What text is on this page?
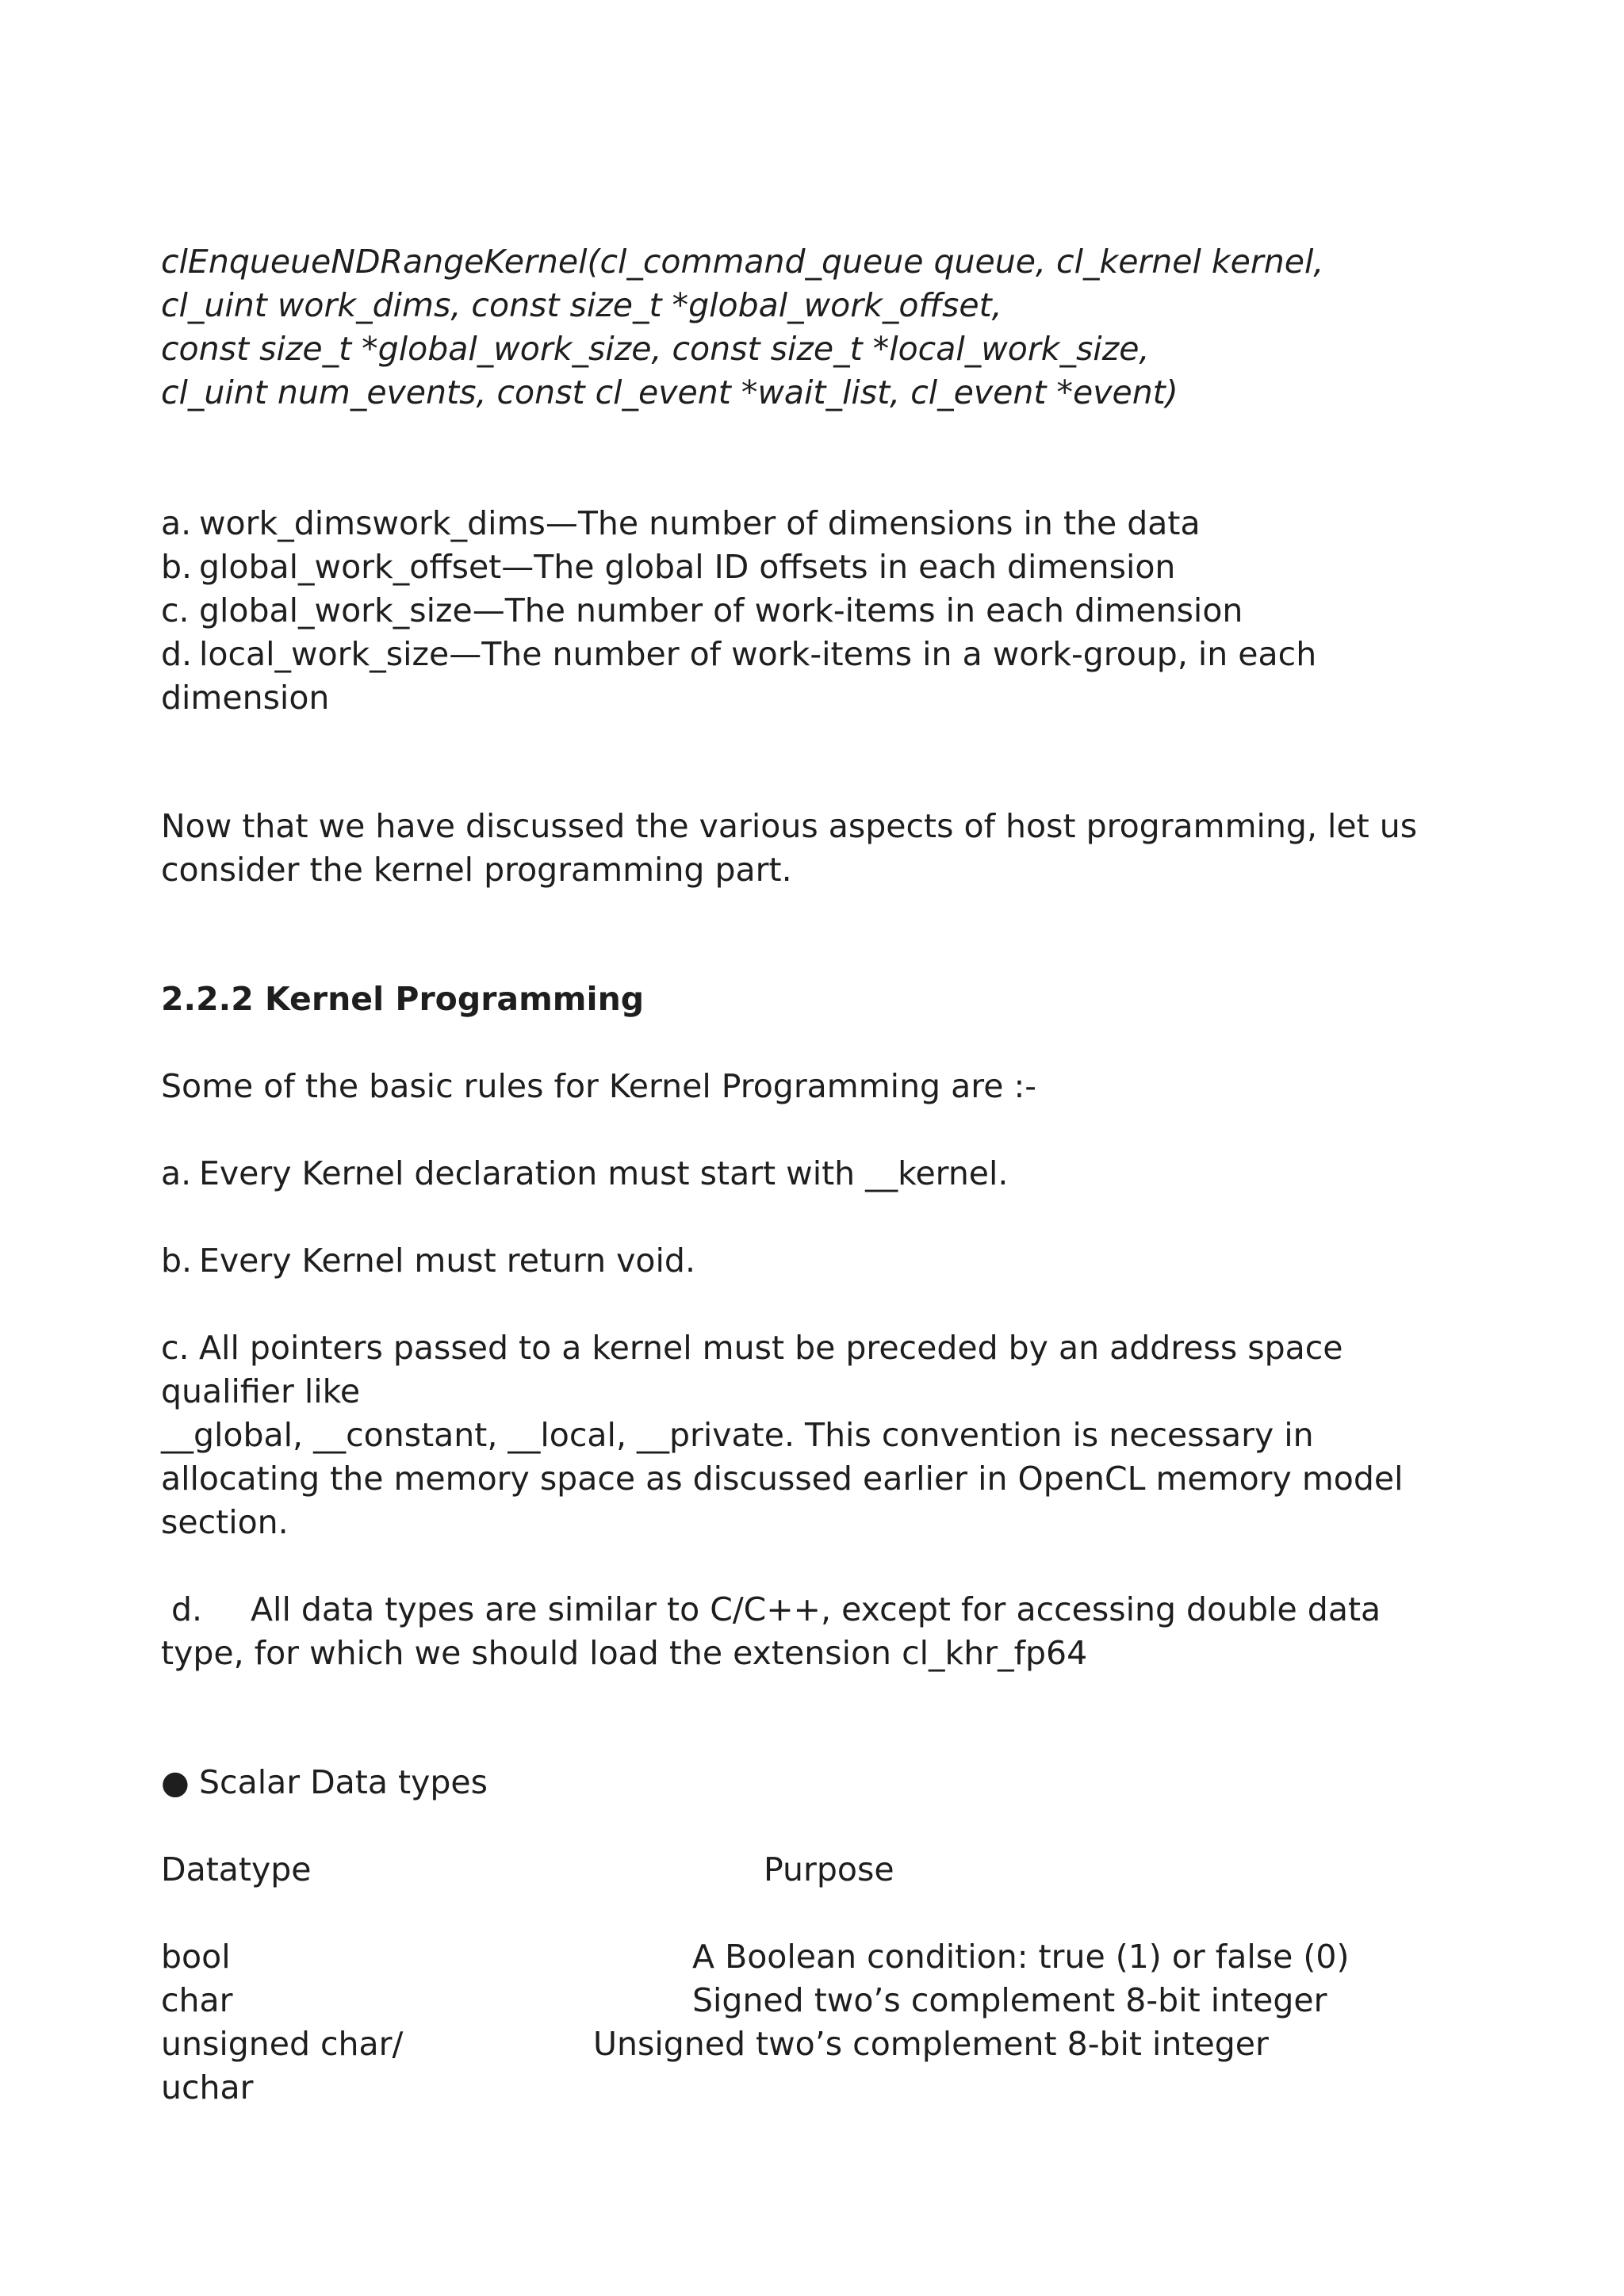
clEnqueueNDRangeKernel(cl_command_queue queue, cl_kernel kernel,
cl_uint work_dims, const size_t *global_work_offset,
const size_t *global_work_size, const size_t *local_work_size,
cl_uint num_events, const cl_event *wait_list, cl_event *event)
a. work_dimswork_dims—The number of dimensions in the data
b. global_work_offset—The global ID offsets in each dimension
c. global_work_size—The number of work-items in each dimension
d. local_work_size—The number of work-items in a work-group, in each
dimension
Now that we have discussed the various aspects of host programming, let us
consider the kernel programming part.
2.2.2 Kernel Programming
Some of the basic rules for Kernel Programming are :-
a. Every Kernel declaration must start with __kernel.
b. Every Kernel must return void.
c. All pointers passed to a kernel must be preceded by an address space
qualifier like
__global, __constant, __local, __private. This convention is necessary in
allocating the memory space as discussed earlier in OpenCL memory model
section.
d.	All data types are similar to C/C++, except for accessing double data
type, for which we should load the extension cl_khr_fp64
● Scalar Data types
Datatype	Purpose
bool	A Boolean condition: true (1) or false (0)
char	Signed two’s complement 8-bit integer
unsigned char/	Unsigned two’s complement 8-bit integer
uchar
